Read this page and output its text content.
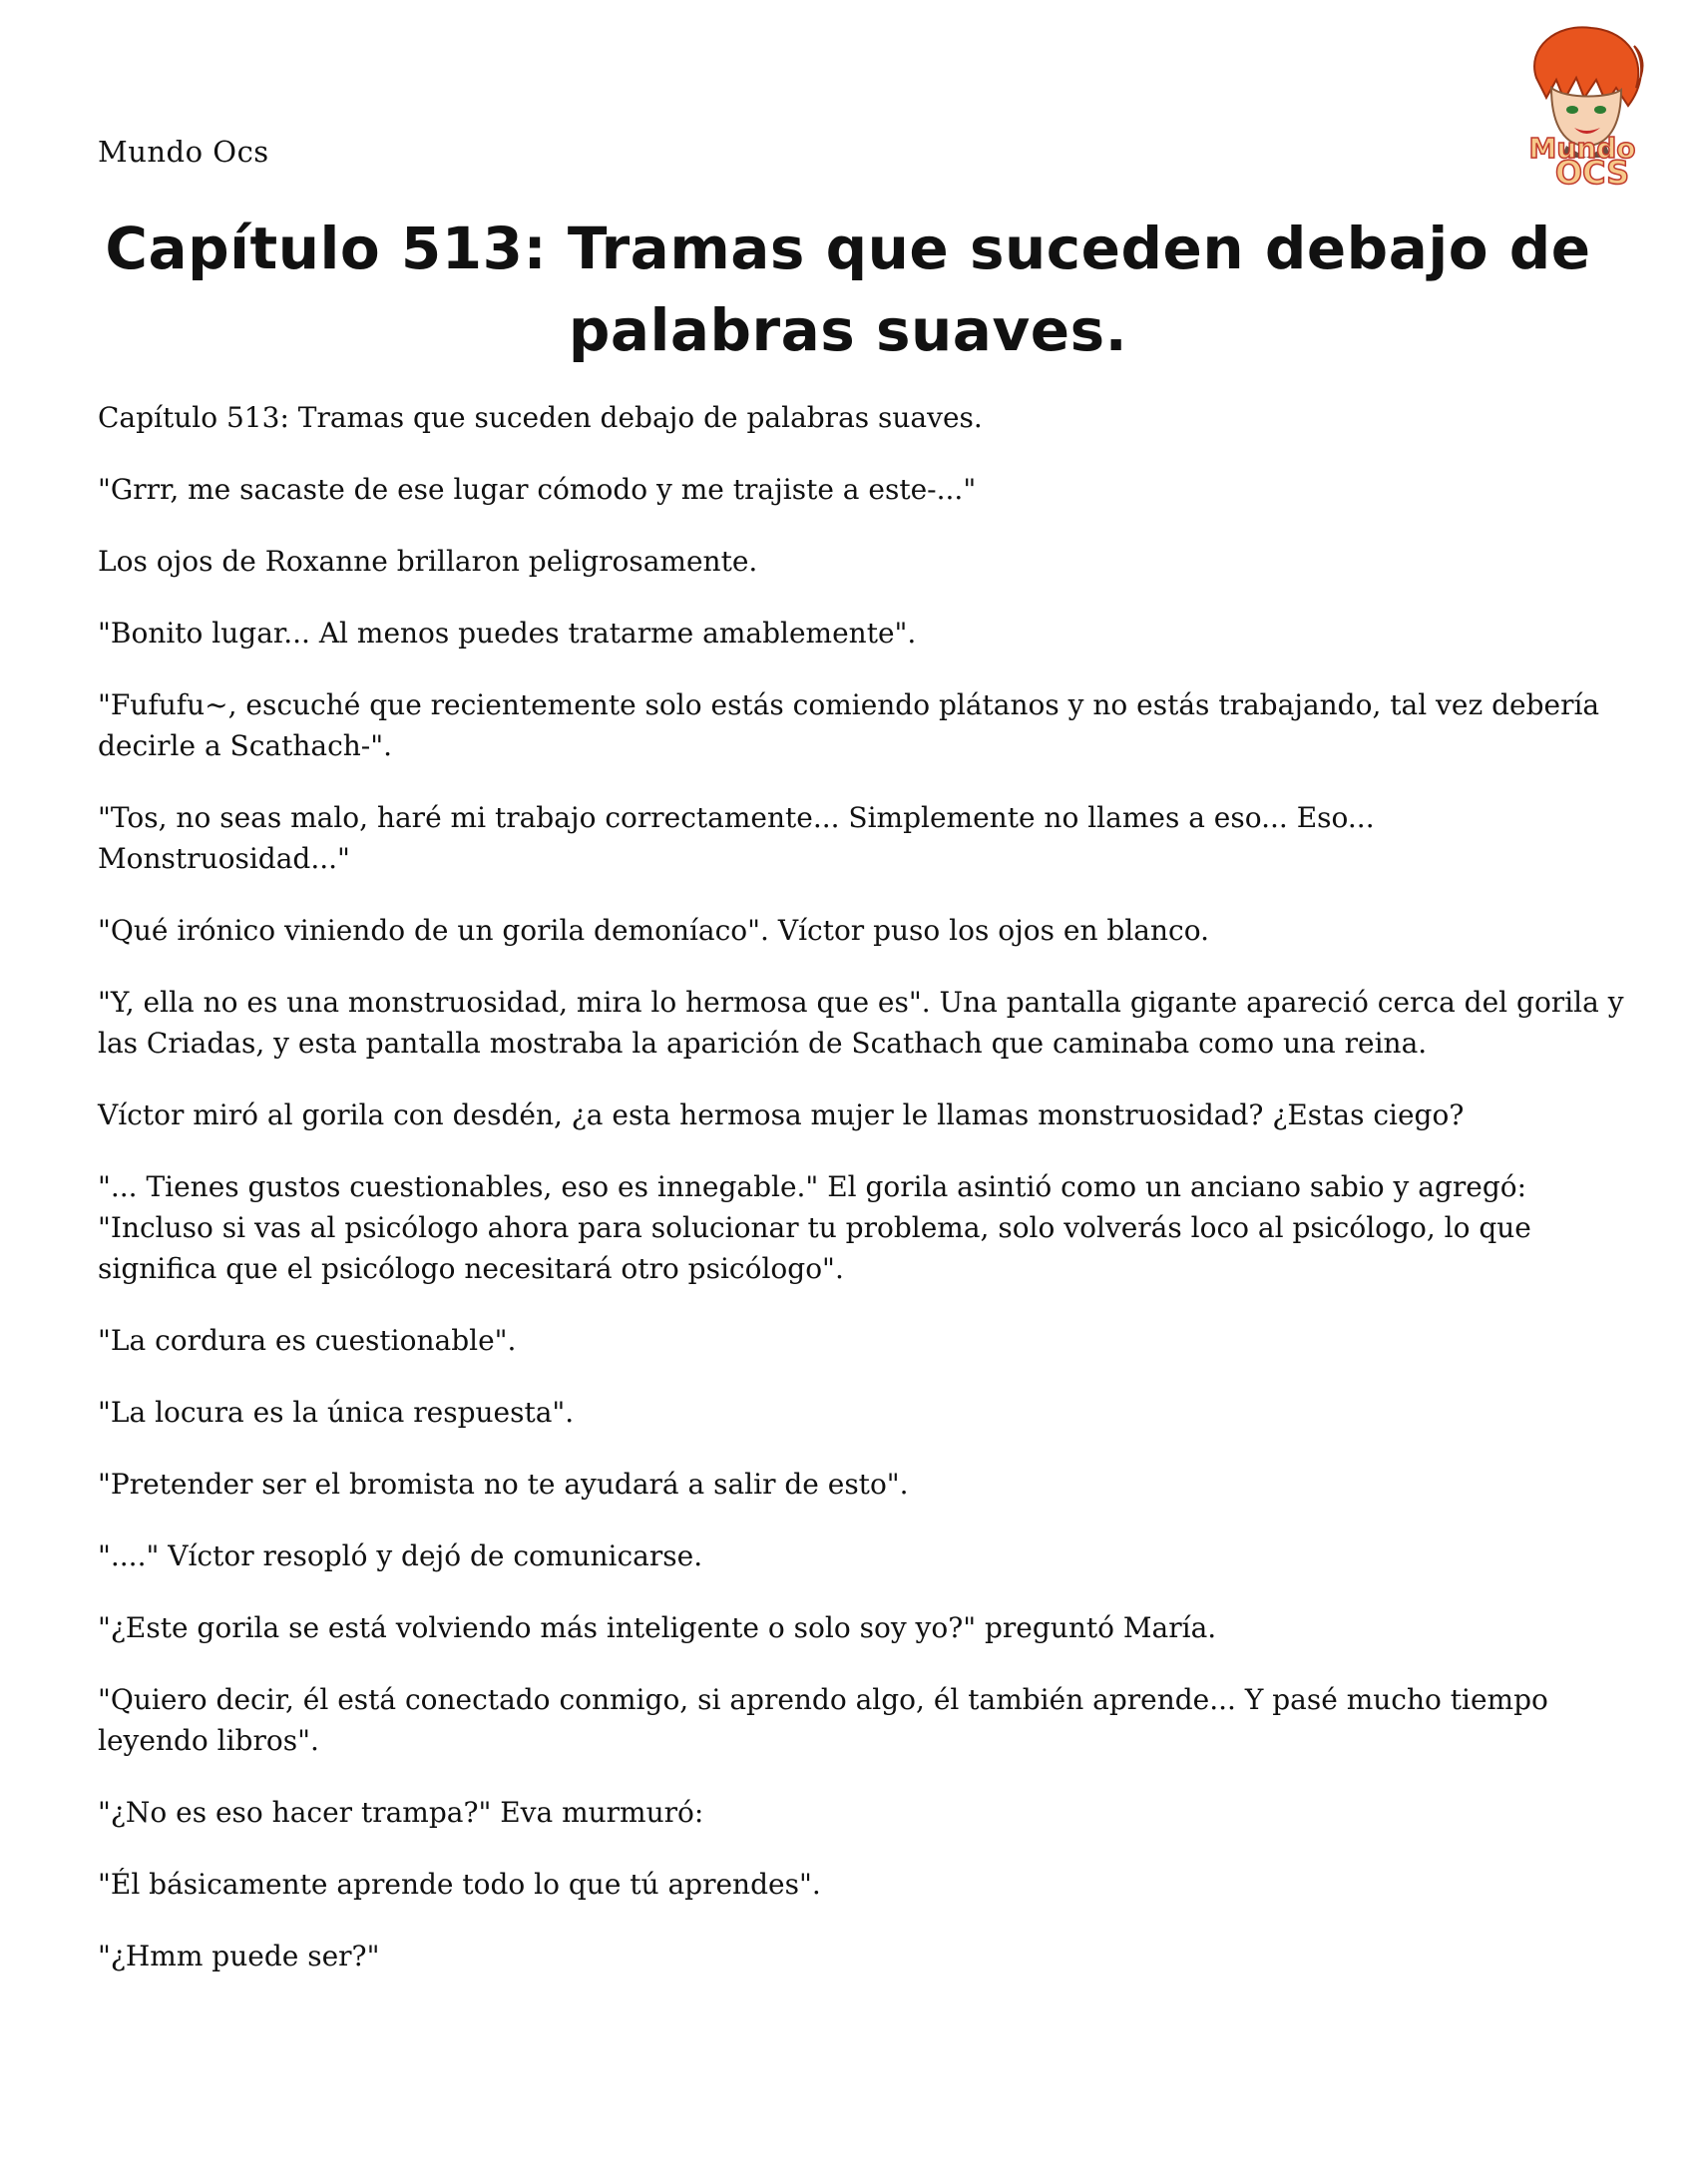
Mundo Ocs	Mundo
OCS
Capítulo 513: Tramas que suceden debajo de palabras suaves.

Capítulo 513: Tramas que suceden debajo de palabras suaves.

"Grrr, me sacaste de ese lugar cómodo y me trajiste a este-..."

Los ojos de Roxanne brillaron peligrosamente.

"Bonito lugar... Al menos puedes tratarme amablemente".

"Fufufu~, escuché que recientemente solo estás comiendo plátanos y no estás trabajando, tal vez debería decirle a Scathach-".

"Tos, no seas malo, haré mi trabajo correctamente... Simplemente no llames a eso... Eso... Monstruosidad..."

"Qué irónico viniendo de un gorila demoníaco". Víctor puso los ojos en blanco.

"Y, ella no es una monstruosidad, mira lo hermosa que es". Una pantalla gigante apareció cerca del gorila y las Criadas, y esta pantalla mostraba la aparición de Scathach que caminaba como una reina.

Víctor miró al gorila con desdén, ¿a esta hermosa mujer le llamas monstruosidad? ¿Estas ciego?

"... Tienes gustos cuestionables, eso es innegable." El gorila asintió como un anciano sabio y agregó: "Incluso si vas al psicólogo ahora para solucionar tu problema, solo volverás loco al psicólogo, lo que significa que el psicólogo necesitará otro psicólogo".

"La cordura es cuestionable".

"La locura es la única respuesta".

"Pretender ser el bromista no te ayudará a salir de esto".

"...." Víctor resopló y dejó de comunicarse.

"¿Este gorila se está volviendo más inteligente o solo soy yo?" preguntó María.

"Quiero decir, él está conectado conmigo, si aprendo algo, él también aprende... Y pasé mucho tiempo leyendo libros".

"¿No es eso hacer trampa?" Eva murmuró:

"Él básicamente aprende todo lo que tú aprendes".

"¿Hmm puede ser?"
